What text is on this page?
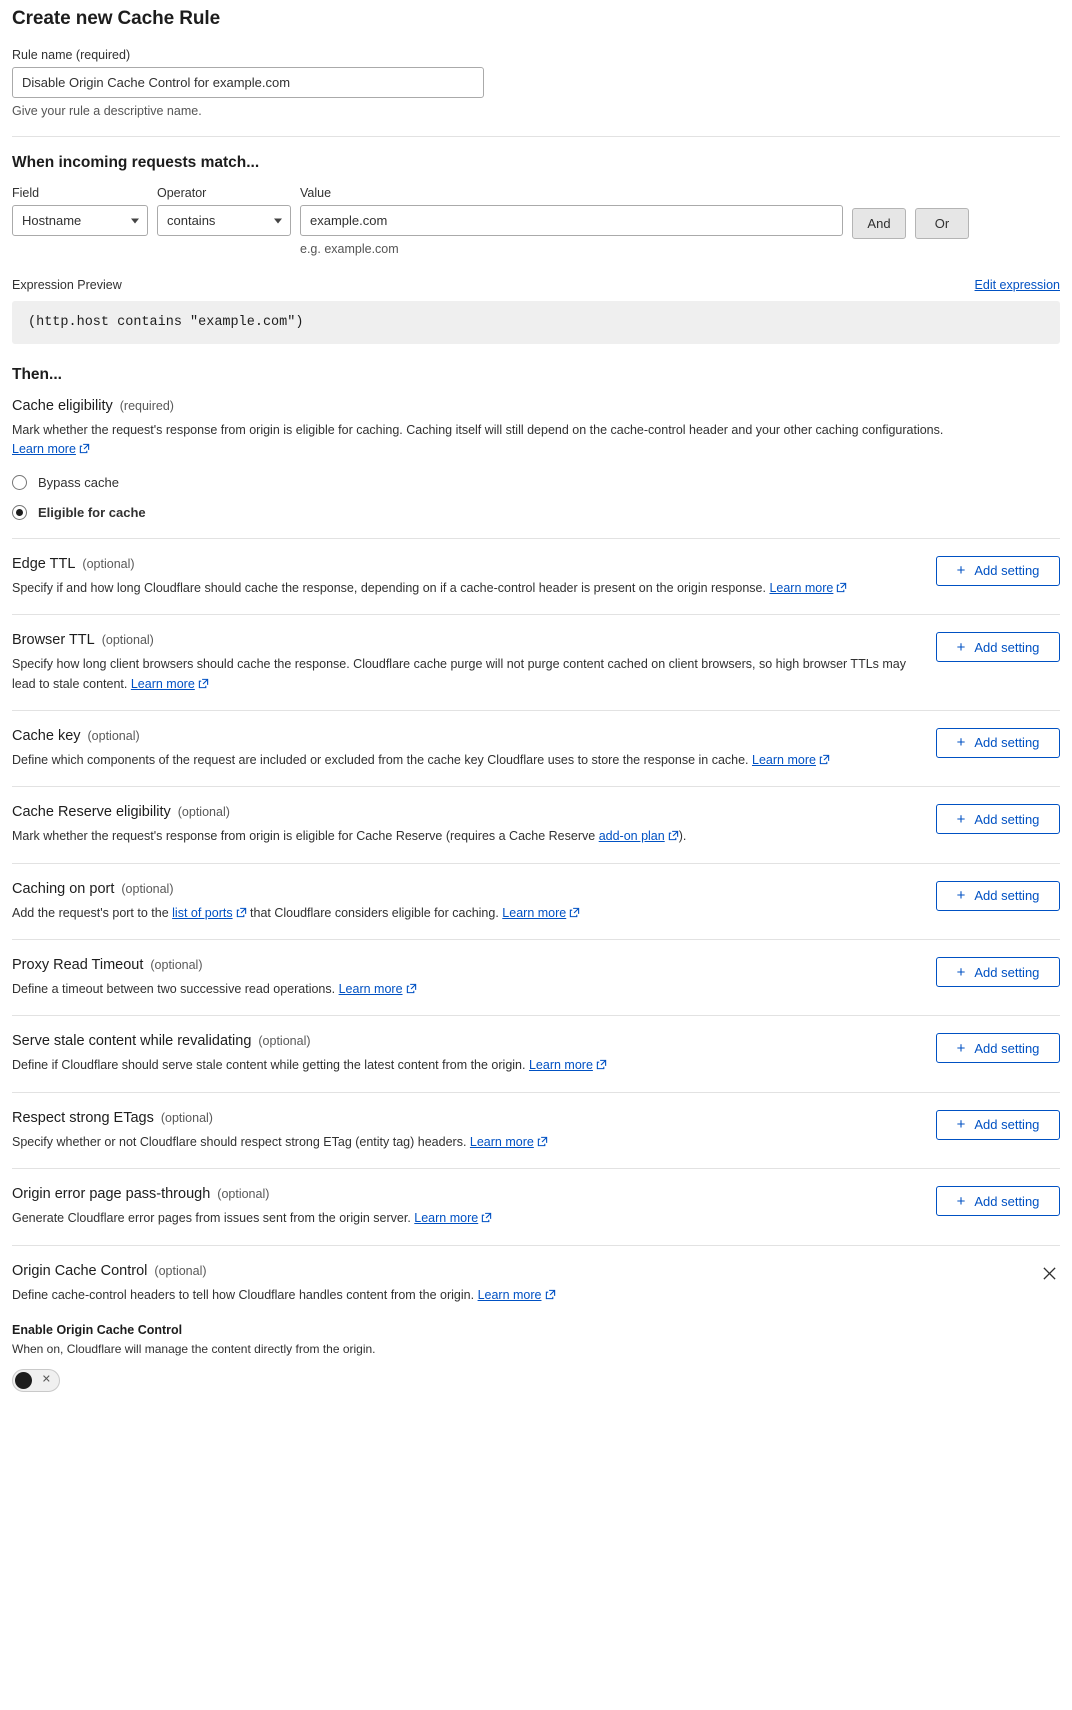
Create new Cache Rule
Rule name (required)
Disable Origin Cache Control for example.com
Give your rule a descriptive name.
When incoming requests match...
Field
Hostname	Operator
contains	Value
example.com
e.g. example.com
And	Or
Expression Preview	Edit expression
(http.host contains "example.com")
Then...
Cache eligibility (required)
Mark whether the request's response from origin is eligible for caching. Caching itself will still depend on the cache-control header and your other caching configurations. Learn more
Bypass cache
Eligible for cache
Edge TTL (optional)
Specify if and how long Cloudflare should cache the response, depending on if a cache-control header is present on the origin response. Learn more
+ Add setting
Browser TTL (optional)
Specify how long client browsers should cache the response. Cloudflare cache purge will not purge content cached on client browsers, so high browser TTLs may lead to stale content. Learn more
+ Add setting
Cache key (optional)
Define which components of the request are included or excluded from the cache key Cloudflare uses to store the response in cache. Learn more
+ Add setting
Cache Reserve eligibility (optional)
Mark whether the request's response from origin is eligible for Cache Reserve (requires a Cache Reserve add-on plan ).
+ Add setting
Caching on port (optional)
Add the request's port to the list of ports that Cloudflare considers eligible for caching. Learn more
+ Add setting
Proxy Read Timeout (optional)
Define a timeout between two successive read operations. Learn more
+ Add setting
Serve stale content while revalidating (optional)
Define if Cloudflare should serve stale content while getting the latest content from the origin. Learn more
+ Add setting
Respect strong ETags (optional)
Specify whether or not Cloudflare should respect strong ETag (entity tag) headers. Learn more
+ Add setting
Origin error page pass-through (optional)
Generate Cloudflare error pages from issues sent from the origin server. Learn more
+ Add setting
Origin Cache Control (optional)
Define cache-control headers to tell how Cloudflare handles content from the origin. Learn more
Enable Origin Cache Control
When on, Cloudflare will manage the content directly from the origin.
✕
